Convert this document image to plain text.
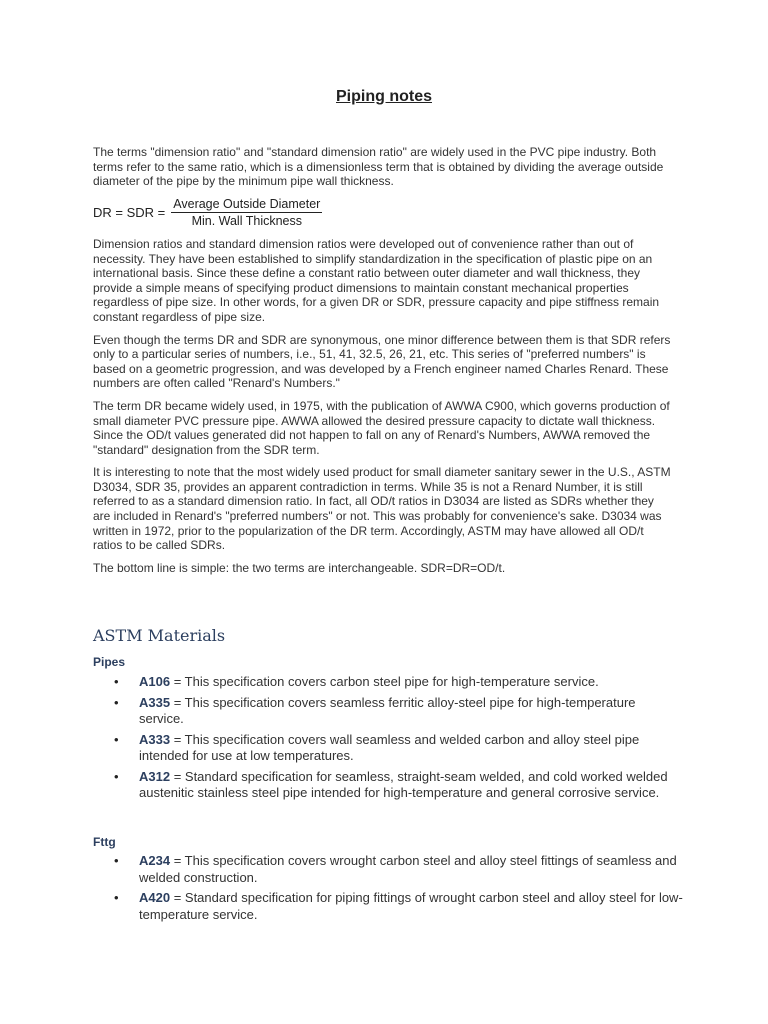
Piping notes

The terms "dimension ratio" and "standard dimension ratio" are widely used in the PVC pipe industry. Both terms refer to the same ratio, which is a dimensionless term that is obtained by dividing the average outside diameter of the pipe by the minimum pipe wall thickness.

DR = SDR = $\frac{\text{Average Outside Diameter}}{\text{Min. Wall Thickness}}$

Dimension ratios and standard dimension ratios were developed out of convenience rather than out of necessity. They have been established to simplify standardization in the specification of plastic pipe on an international basis. Since these define a constant ratio between outer diameter and wall thickness, they provide a simple means of specifying product dimensions to maintain constant mechanical properties regardless of pipe size. In other words, for a given DR or SDR, pressure capacity and pipe stiffness remain constant regardless of pipe size.

Even though the terms DR and SDR are synonymous, one minor difference between them is that SDR refers only to a particular series of numbers, i.e., 51, 41, 32.5, 26, 21, etc. This series of "preferred numbers" is based on a geometric progression, and was developed by a French engineer named Charles Renard. These numbers are often called "Renard's Numbers."

The term DR became widely used, in 1975, with the publication of AWWA C900, which governs production of small diameter PVC pressure pipe. AWWA allowed the desired pressure capacity to dictate wall thickness. Since the OD/t values generated did not happen to fall on any of Renard's Numbers, AWWA removed the "standard" designation from the SDR term.

It is interesting to note that the most widely used product for small diameter sanitary sewer in the U.S., ASTM D3034, SDR 35, provides an apparent contradiction in terms. While 35 is not a Renard Number, it is still referred to as a standard dimension ratio. In fact, all OD/t ratios in D3034 are listed as SDRs whether they are included in Renard's "preferred numbers" or not. This was probably for convenience's sake. D3034 was written in 1972, prior to the popularization of the DR term. Accordingly, ASTM may have allowed all OD/t ratios to be called SDRs.

The bottom line is simple: the two terms are interchangeable. SDR=DR=OD/t.

ASTM Materials
Pipes
• A106 = This specification covers carbon steel pipe for high-temperature service.
• A335 = This specification covers seamless ferritic alloy-steel pipe for high-temperature service.
• A333 = This specification covers wall seamless and welded carbon and alloy steel pipe intended for use at low temperatures.
• A312 = Standard specification for seamless, straight-seam welded, and cold worked welded austenitic stainless steel pipe intended for high-temperature and general corrosive service.
Fttg
• A234 = This specification covers wrought carbon steel and alloy steel fittings of seamless and welded construction.
• A420 = Standard specification for piping fittings of wrought carbon steel and alloy steel for low-temperature service.
